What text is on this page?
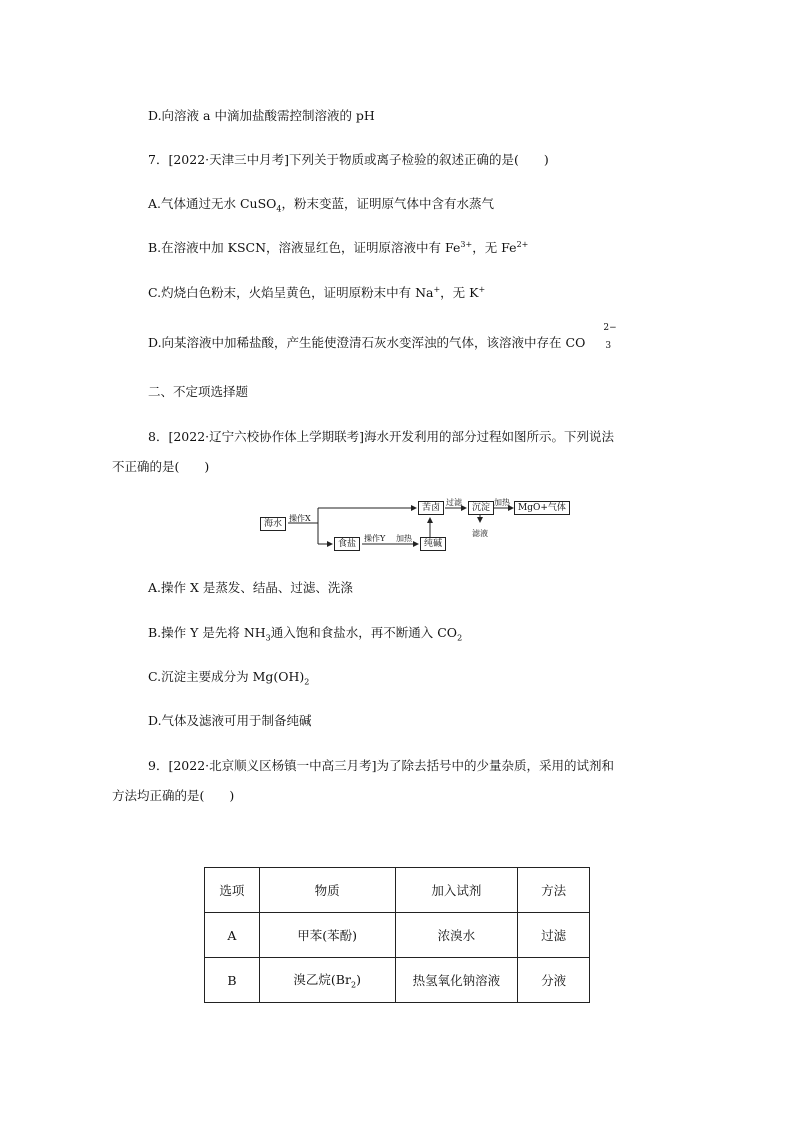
D.向溶液 a 中滴加盐酸需控制溶液的 pH
7．[2022·天津三中月考]下列关于物质或离子检验的叙述正确的是(　　)
A.气体通过无水 CuSO$_4$，粉末变蓝，证明原气体中含有水蒸气
B.在溶液中加 KSCN，溶液显红色，证明原溶液中有 $Fe^{3+}$，无 $Fe^{2+}$
C.灼烧白色粉末，火焰呈黄色，证明原粉末中有 Na+，无 K+
D.向某溶液中加稀盐酸，产生能使澄清石灰水变浑浊的气体，该溶液中存在 CO
2−
3
二、不定项选择题
8．[2022·辽宁六校协作体上学期联考]海水开发利用的部分过程如图所示。下列说法
不正确的是(　　)
海水
操作X
苦卤
过滤
沉淀
加热
MgO+气体
滤液
食盐
操作Y 加热
纯碱
A.操作 X 是蒸发、结晶、过滤、洗涤
B.操作 Y 是先将 $NH_3$通入饱和食盐水，再不断通入 $CO_2$
C.沉淀主要成分为 $Mg(OH)_2$
D.气体及滤液可用于制备纯碱
9．[2022·北京顺义区杨镇一中高三月考]为了除去括号中的少量杂质，采用的试剂和
方法均正确的是(　　)
选项	物质	加入试剂	方法
A	甲苯(苯酚)	浓溴水	过滤
B	溴乙烷$(Br_2)$	热氢氧化钠溶液	分液
